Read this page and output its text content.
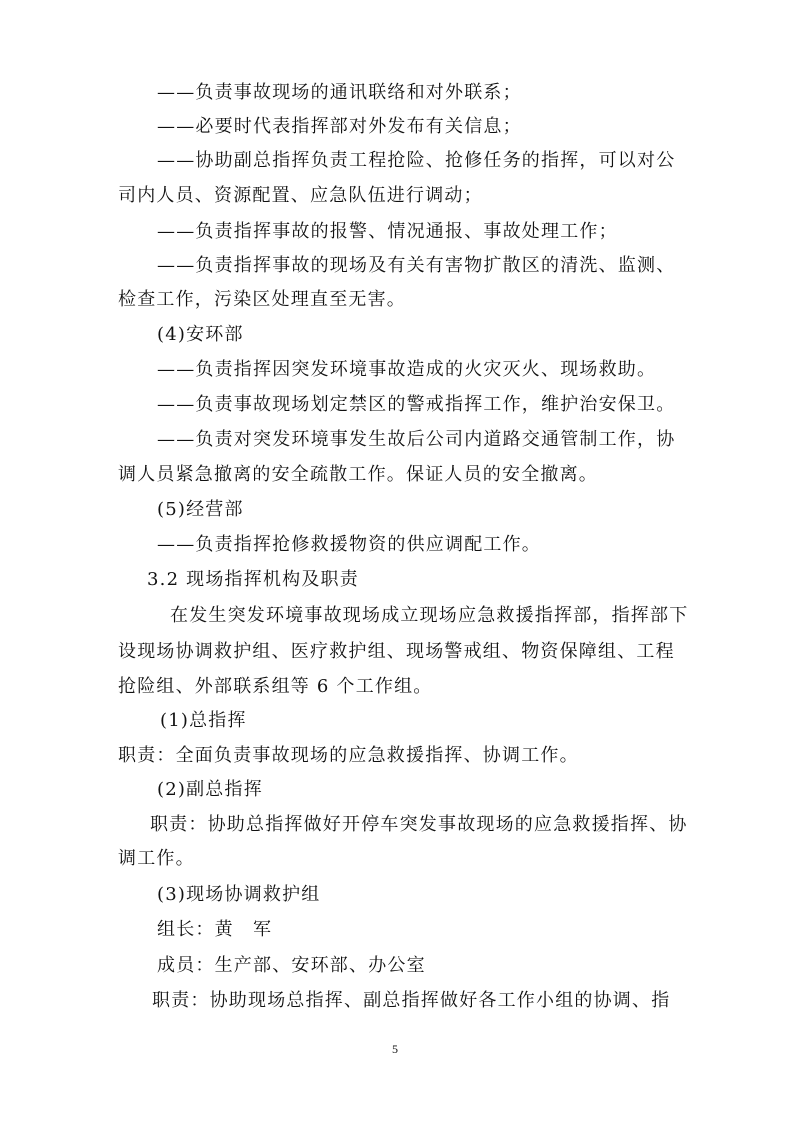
——负责事故现场的通讯联络和对外联系；
——必要时代表指挥部对外发布有关信息；
——协助副总指挥负责工程抢险、抢修任务的指挥，可以对公
司内人员、资源配置、应急队伍进行调动；
——负责指挥事故的报警、情况通报、事故处理工作；
——负责指挥事故的现场及有关有害物扩散区的清洗、监测、
检查工作，污染区处理直至无害。
(4)安环部
——负责指挥因突发环境事故造成的火灾灭火、现场救助。
——负责事故现场划定禁区的警戒指挥工作，维护治安保卫。
——负责对突发环境事发生故后公司内道路交通管制工作，协
调人员紧急撤离的安全疏散工作。保证人员的安全撤离。
(5)经营部
——负责指挥抢修救援物资的供应调配工作。
3.2 现场指挥机构及职责
在发生突发环境事故现场成立现场应急救援指挥部，指挥部下
设现场协调救护组、医疗救护组、现场警戒组、物资保障组、工程
抢险组、外部联系组等 6 个工作组。
(1)总指挥
职责：全面负责事故现场的应急救援指挥、协调工作。
(2)副总指挥
职责：协助总指挥做好开停车突发事故现场的应急救援指挥、协
调工作。
(3)现场协调救护组
组长：黄　军
成员：生产部、安环部、办公室
职责：协助现场总指挥、副总指挥做好各工作小组的协调、指
5
